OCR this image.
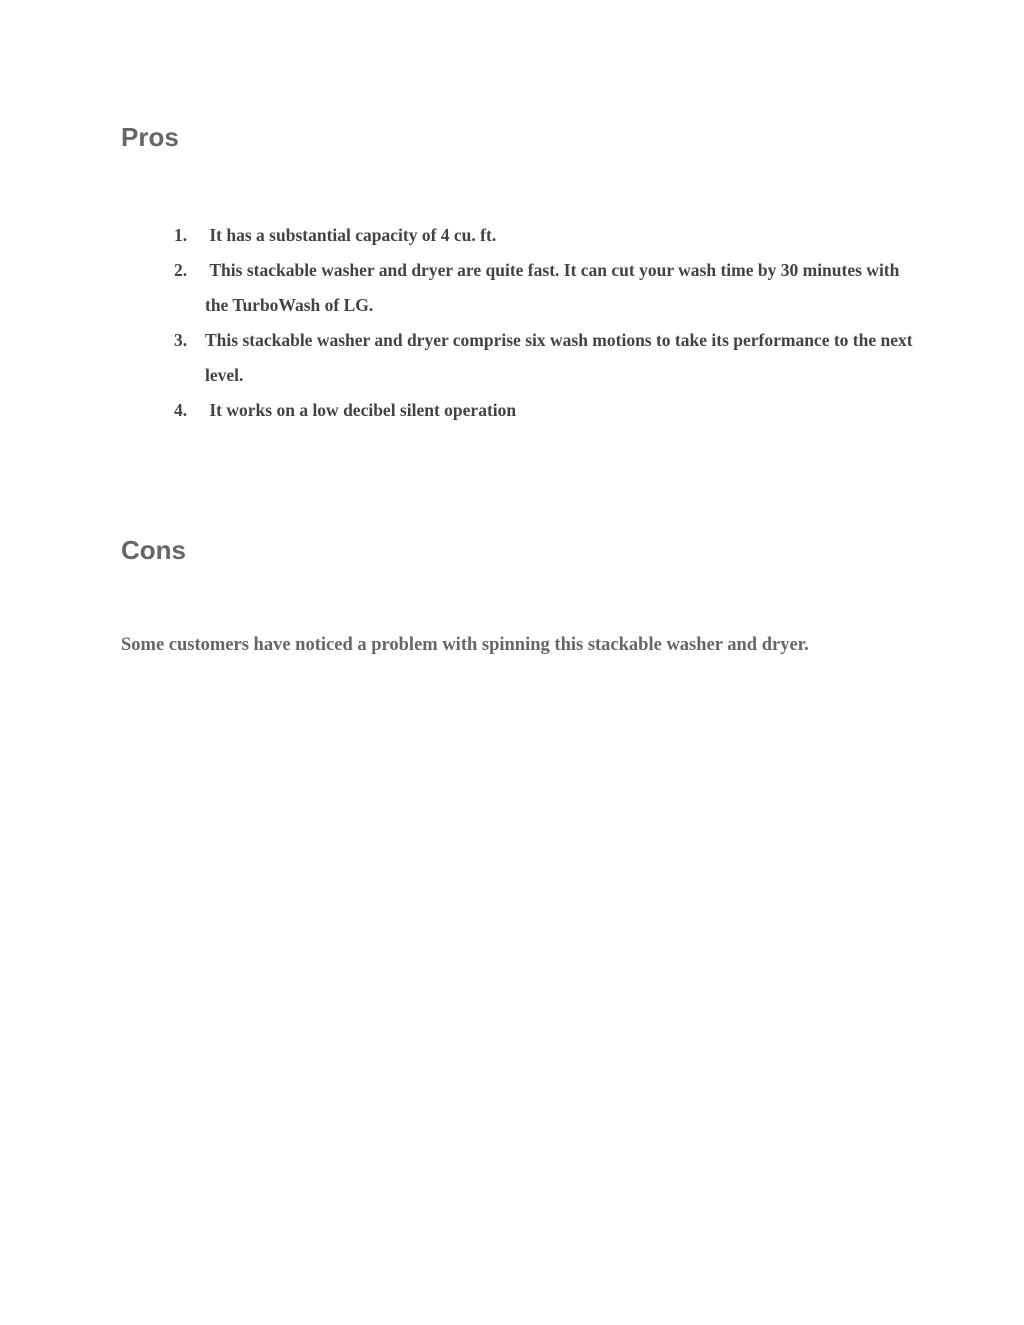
Pros
1. It has a substantial capacity of 4 cu. ft.
2. This stackable washer and dryer are quite fast. It can cut your wash time by 30 minutes with the TurboWash of LG.
3. This stackable washer and dryer comprise six wash motions to take its performance to the next level.
4. It works on a low decibel silent operation
Cons

Some customers have noticed a problem with spinning this stackable washer and dryer.
